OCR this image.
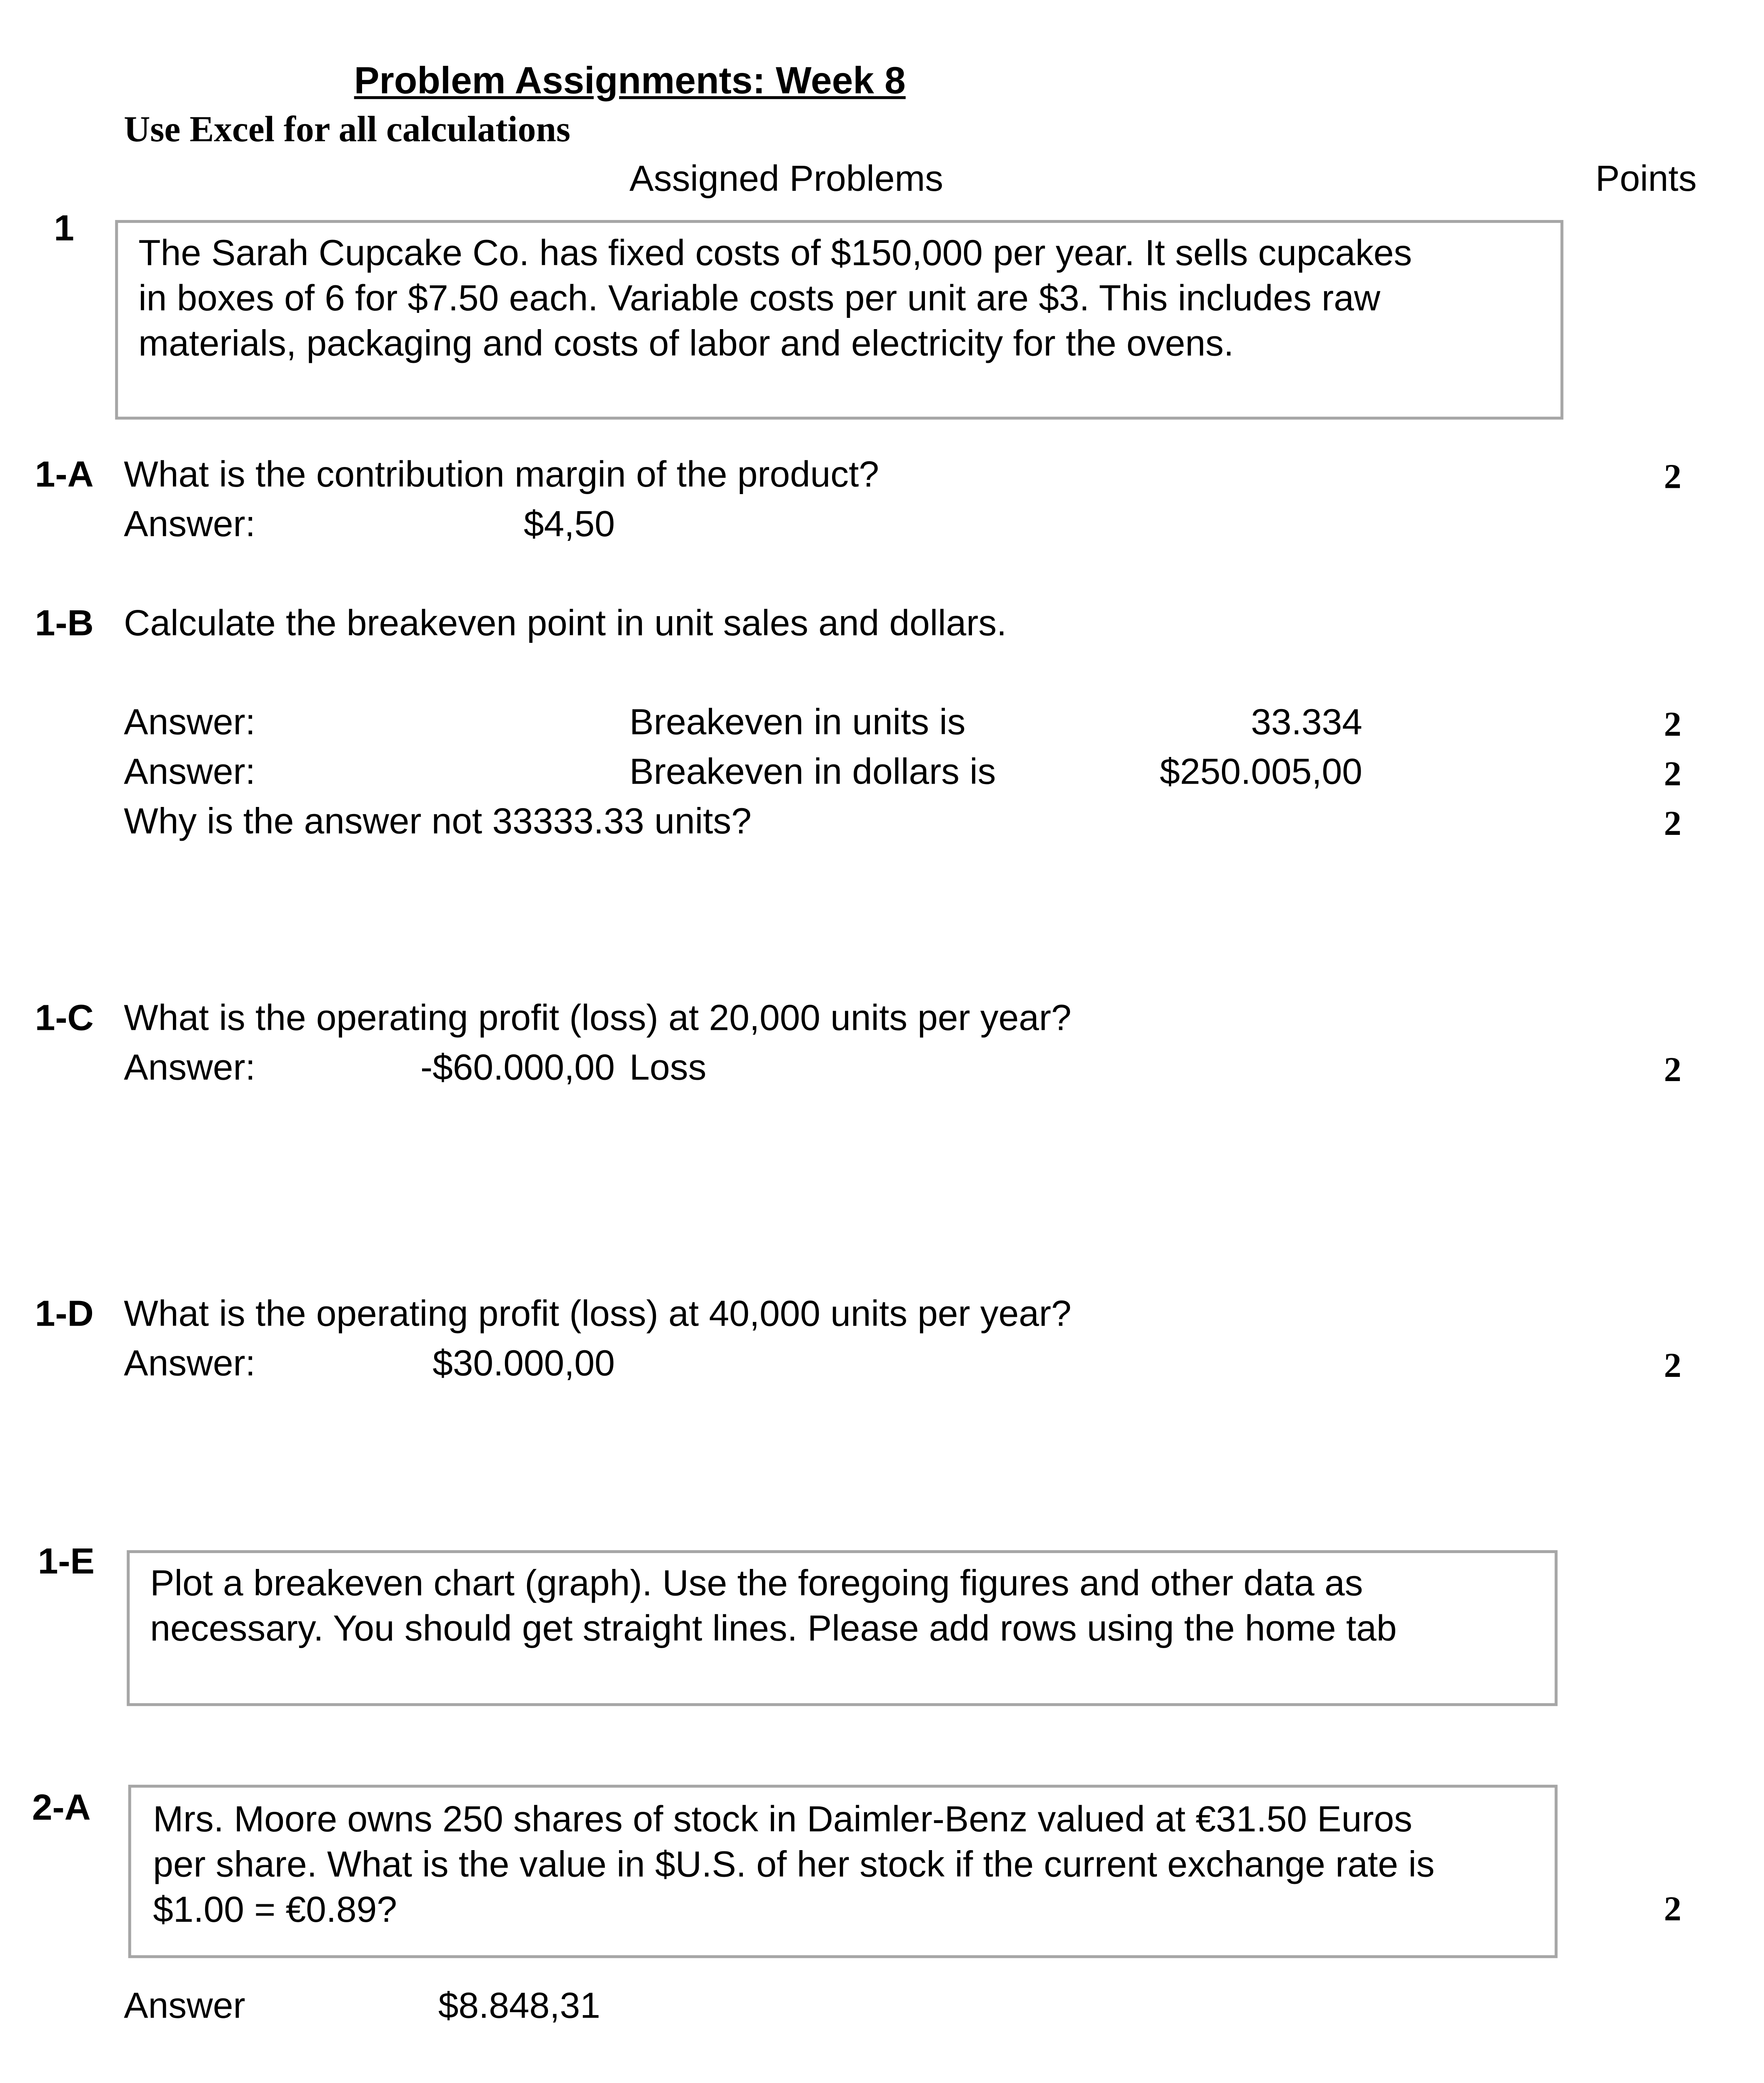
Problem Assignments: Week 8
Use Excel for all calculations
Assigned Problems	Points
1
The Sarah Cupcake Co. has fixed costs of $150,000 per year. It sells cupcakes
in boxes of 6 for $7.50 each. Variable costs per unit are $3. This includes raw
materials, packaging and costs of labor and electricity for the ovens.
1-A	What is the contribution margin of the product?	2
Answer:	$4,50
1-B	Calculate the breakeven point in unit sales and dollars.
Answer:	Breakeven in units is	33.334	2
Answer:	Breakeven in dollars is	$250.005,00	2
Why is the answer not 33333.33 units?	2
1-C	What is the operating profit (loss) at 20,000 units per year?
Answer:	-$60.000,00 Loss	2
1-D	What is the operating profit (loss) at 40,000 units per year?
Answer:	$30.000,00	2
1-E
Plot a breakeven chart (graph). Use the foregoing figures and other data as
necessary. You should get straight lines. Please add rows using the home tab
2-A	Mrs. Moore owns 250 shares of stock in Daimler-Benz valued at €31.50 Euros
per share. What is the value in $U.S. of her stock if the current exchange rate is
$1.00 = €0.89?	2
Answer	$8.848,31
